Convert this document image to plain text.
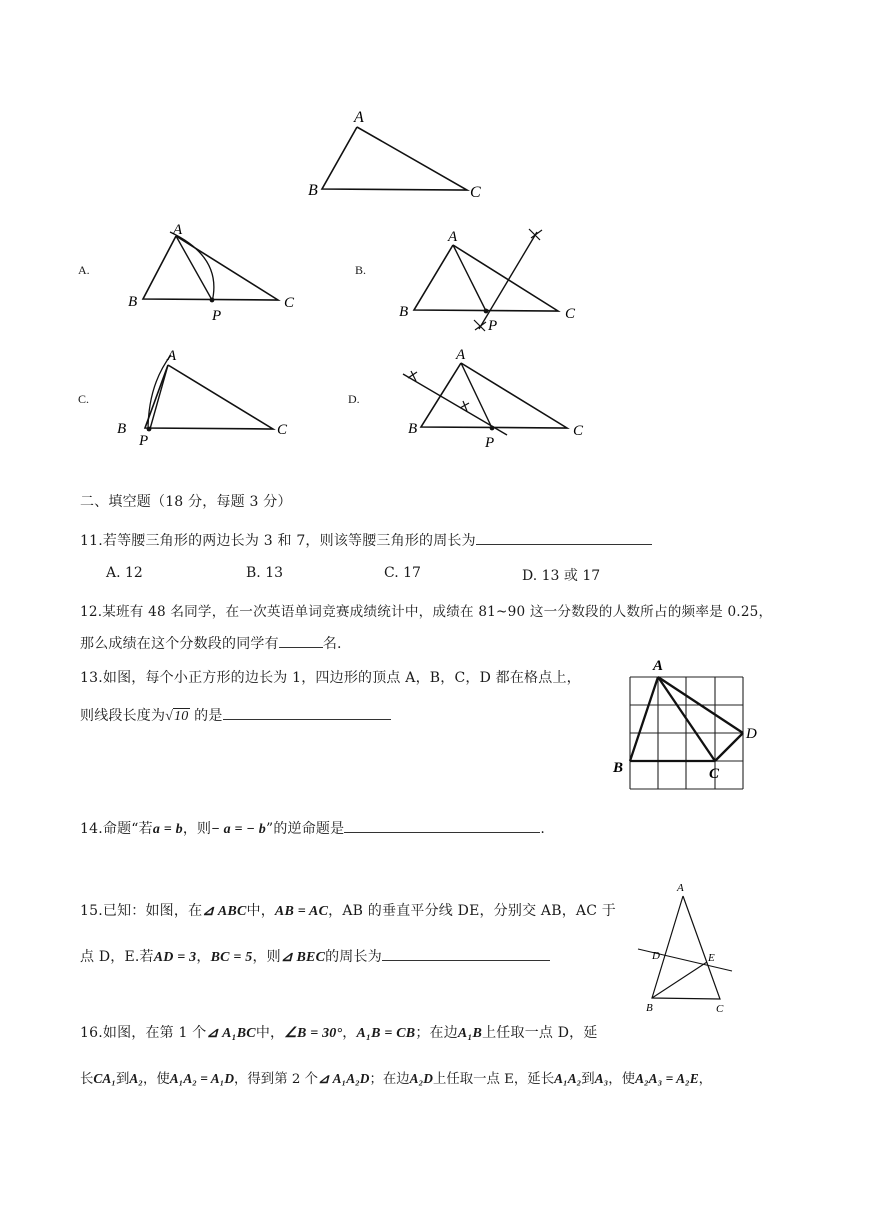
A
B	C
A.
A
B	C
P
B.
A
B	C
P
C.
A
B	C
P
D.
A
B	C
P
二、填空题（18 分，每题 3 分）
11.若等腰三角形的两边长为 3 和 7，则该等腰三角形的周长为
A. 12	B. 13	C. 17	D. 13 或 17
12.某班有 48 名同学，在一次英语单词竞赛成绩统计中，成绩在 81~90 这一分数段的人数所占的频率是 0.25，
那么成绩在这个分数段的同学有	名.
13.如图，每个小正方形的边长为 1，四边形的顶点 A，B，C，D 都在格点上，
则线段长度为√10 的是
A
B	C
D
14.命题“若a = b，则− a = − b”的逆命题是	.
15.已知：如图，在⊿ ABC中，AB = AC，AB 的垂直平分线 DE，分别交 AB，AC 于
点 D，E.若AD = 3，BC = 5，则⊿ BEC的周长为
A
B	C
D	E
16.如图，在第 1 个⊿ A₁BC中，∠B = 30°，A₁B = CB；在边A₁B上任取一点 D，延
长CA₁到A₂，使A₁A₂ = A₁D，得到第 2 个⊿ A₁A₂D；在边A₂D上任取一点 E，延长A₁A₂到A₃，使A₂A₃ = A₂E，
